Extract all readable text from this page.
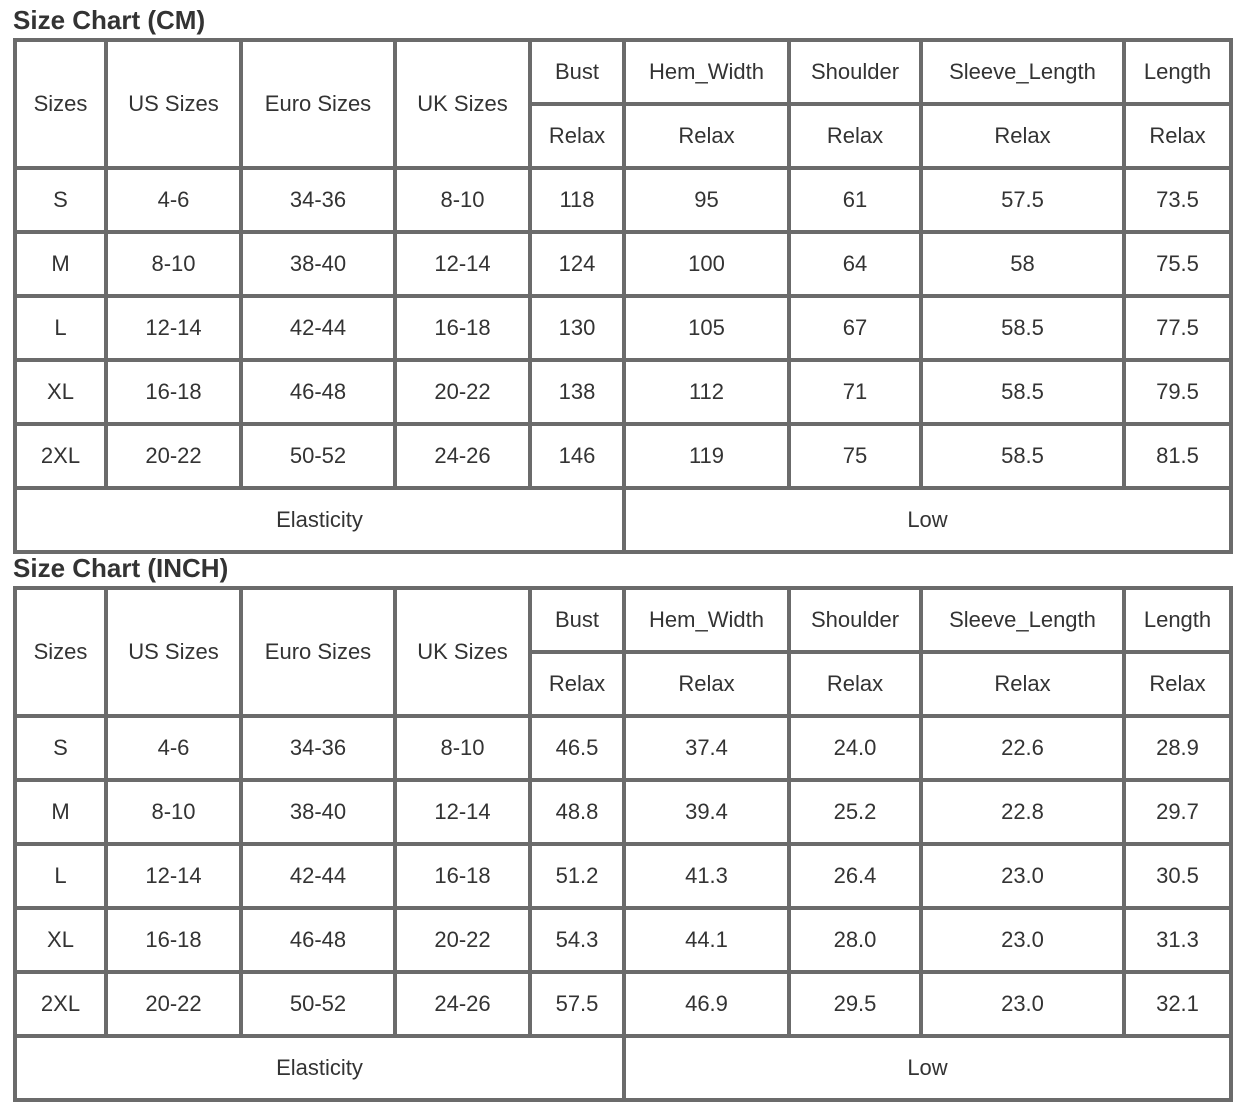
Size Chart (CM)
Sizes	US Sizes	Euro Sizes	UK Sizes	Bust	Hem_Width	Shoulder	Sleeve_Length	Length
				Relax	Relax	Relax	Relax	Relax
S	4-6	34-36	8-10	118	95	61	57.5	73.5
M	8-10	38-40	12-14	124	100	64	58	75.5
L	12-14	42-44	16-18	130	105	67	58.5	77.5
XL	16-18	46-48	20-22	138	112	71	58.5	79.5
2XL	20-22	50-52	24-26	146	119	75	58.5	81.5
Elasticity					Low			
Size Chart (INCH)
Sizes	US Sizes	Euro Sizes	UK Sizes	Bust	Hem_Width	Shoulder	Sleeve_Length	Length
				Relax	Relax	Relax	Relax	Relax
S	4-6	34-36	8-10	46.5	37.4	24.0	22.6	28.9
M	8-10	38-40	12-14	48.8	39.4	25.2	22.8	29.7
L	12-14	42-44	16-18	51.2	41.3	26.4	23.0	30.5
XL	16-18	46-48	20-22	54.3	44.1	28.0	23.0	31.3
2XL	20-22	50-52	24-26	57.5	46.9	29.5	23.0	32.1
Elasticity					Low			
